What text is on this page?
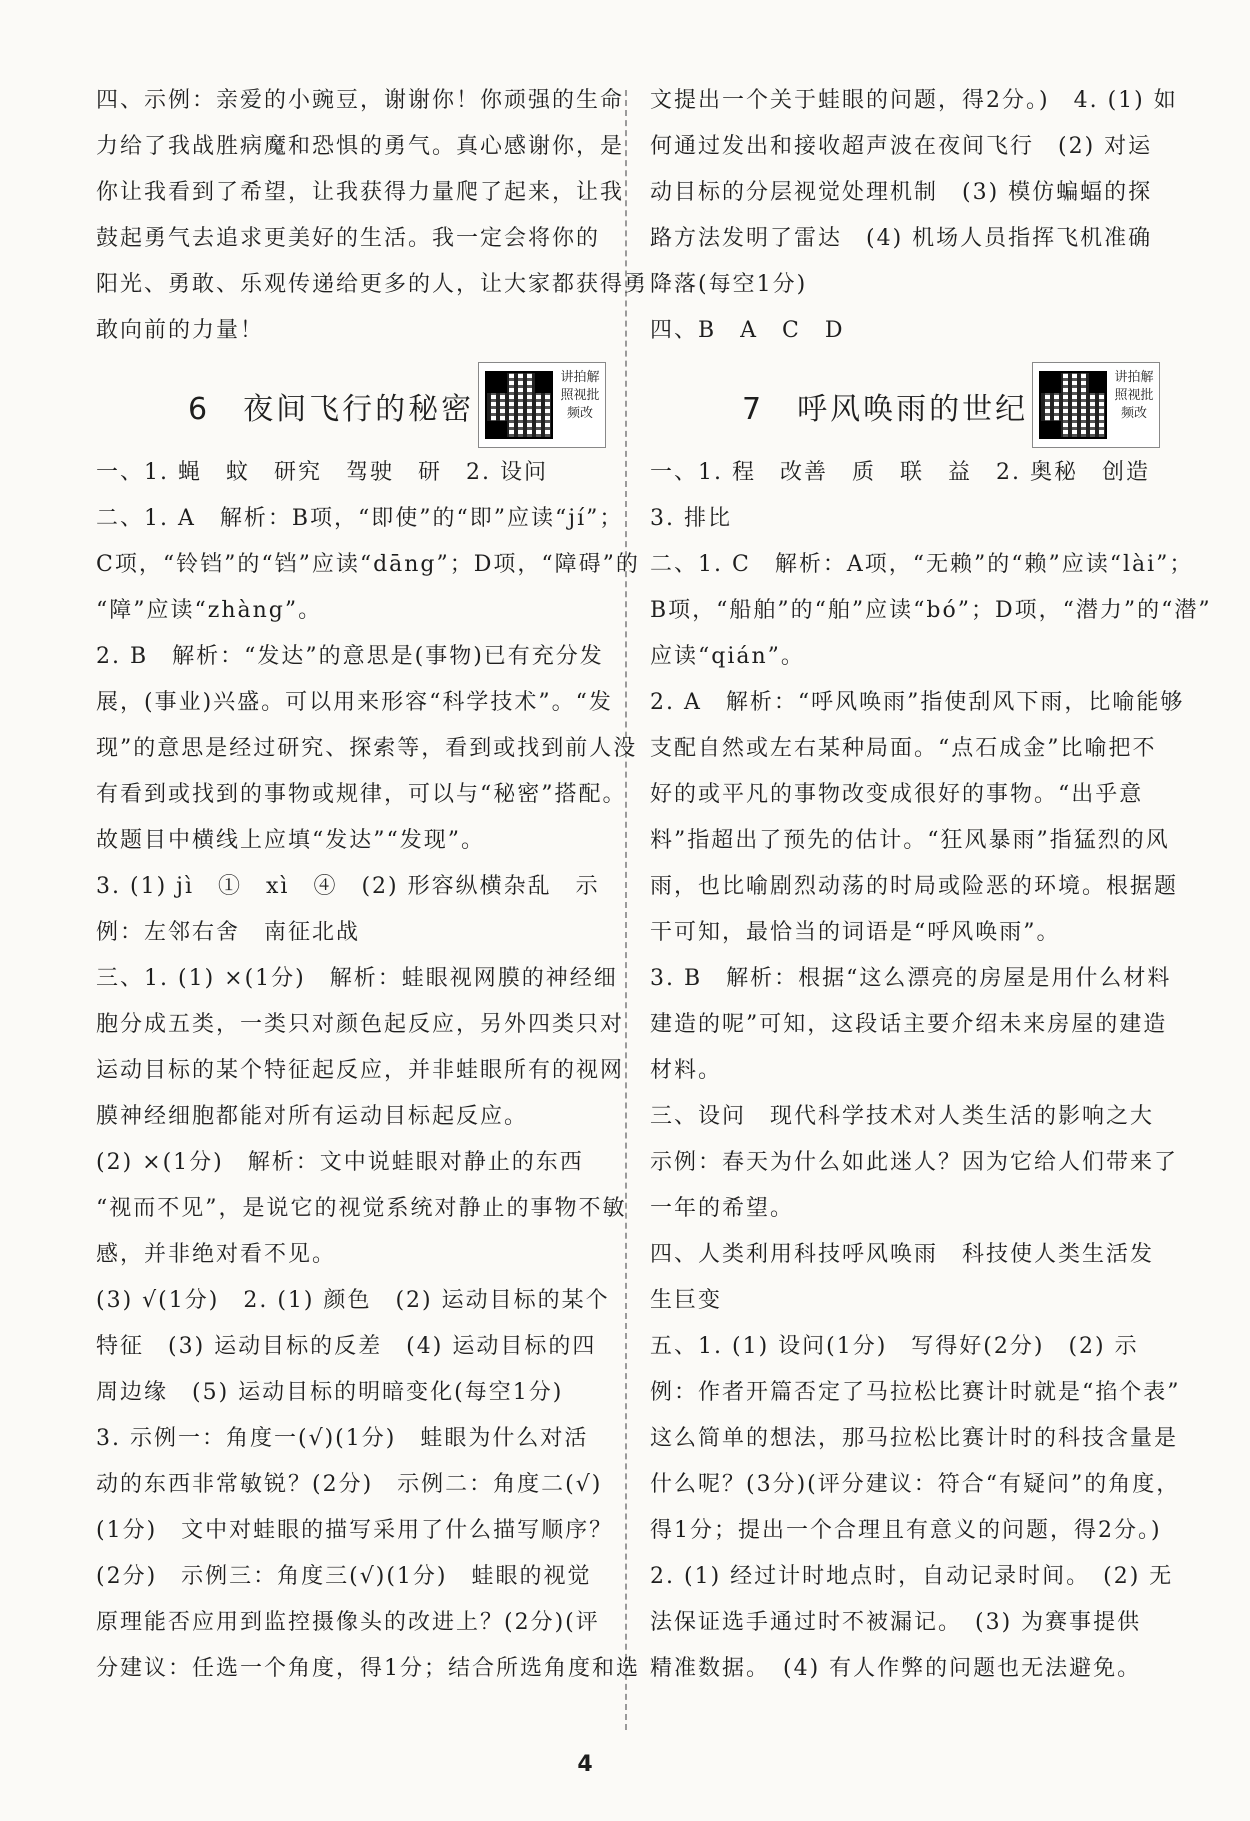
四、示例：亲爱的小豌豆，谢谢你！你顽强的生命

力给了我战胜病魔和恐惧的勇气。真心感谢你，是

你让我看到了希望，让我获得力量爬了起来，让我

鼓起勇气去追求更美好的生活。我一定会将你的

阳光、勇敢、乐观传递给更多的人，让大家都获得勇

敢向前的力量！

6　夜间飞行的秘密
讲拍解照视批频改

一、1. 蝇　蚊　研究　驾驶　研　2. 设问

二、1. A　解析：B项，“即使”的“即”应读“jí”；

C项，“铃铛”的“铛”应读“dāng”；D项，“障碍”的

“障”应读“zhàng”。

2. B　解析：“发达”的意思是(事物)已有充分发

展，(事业)兴盛。可以用来形容“科学技术”。“发

现”的意思是经过研究、探索等，看到或找到前人没

有看到或找到的事物或规律，可以与“秘密”搭配。

故题目中横线上应填“发达”“发现”。

3. (1) jì　①　xì　④　(2) 形容纵横杂乱　示

例：左邻右舍　南征北战

三、1. (1) ×(1分)　解析：蛙眼视网膜的神经细

胞分成五类，一类只对颜色起反应，另外四类只对

运动目标的某个特征起反应，并非蛙眼所有的视网

膜神经细胞都能对所有运动目标起反应。

(2) ×(1分)　解析：文中说蛙眼对静止的东西

“视而不见”，是说它的视觉系统对静止的事物不敏

感，并非绝对看不见。

(3) √(1分)　2. (1) 颜色　(2) 运动目标的某个

特征　(3) 运动目标的反差　(4) 运动目标的四

周边缘　(5) 运动目标的明暗变化(每空1分)

3. 示例一：角度一(√)(1分)　蛙眼为什么对活

动的东西非常敏锐？(2分)　示例二：角度二(√)

(1分)　文中对蛙眼的描写采用了什么描写顺序？

(2分)　示例三：角度三(√)(1分)　蛙眼的视觉

原理能否应用到监控摄像头的改进上？(2分)(评

分建议：任选一个角度，得1分；结合所选角度和选

文提出一个关于蛙眼的问题，得2分。)　4. (1) 如

何通过发出和接收超声波在夜间飞行　(2) 对运

动目标的分层视觉处理机制　(3) 模仿蝙蝠的探

路方法发明了雷达　(4) 机场人员指挥飞机准确

降落(每空1分)

四、B　A　C　D

7　呼风唤雨的世纪
讲拍解照视批频改

一、1. 程　改善　质　联　益　2. 奥秘　创造

3. 排比

二、1. C　解析：A项，“无赖”的“赖”应读“lài”；

B项，“船舶”的“舶”应读“bó”；D项，“潜力”的“潜”

应读“qián”。

2. A　解析：“呼风唤雨”指使刮风下雨，比喻能够

支配自然或左右某种局面。“点石成金”比喻把不

好的或平凡的事物改变成很好的事物。“出乎意

料”指超出了预先的估计。“狂风暴雨”指猛烈的风

雨，也比喻剧烈动荡的时局或险恶的环境。根据题

干可知，最恰当的词语是“呼风唤雨”。

3. B　解析：根据“这么漂亮的房屋是用什么材料

建造的呢”可知，这段话主要介绍未来房屋的建造

材料。

三、设问　现代科学技术对人类生活的影响之大

示例：春天为什么如此迷人？因为它给人们带来了

一年的希望。

四、人类利用科技呼风唤雨　科技使人类生活发

生巨变

五、1. (1) 设问(1分)　写得好(2分)　(2) 示

例：作者开篇否定了马拉松比赛计时就是“掐个表”

这么简单的想法，那马拉松比赛计时的科技含量是

什么呢？(3分)(评分建议：符合“有疑问”的角度，

得1分；提出一个合理且有意义的问题，得2分。)

2. (1) 经过计时地点时，自动记录时间。　(2) 无

法保证选手通过时不被漏记。　(3) 为赛事提供

精准数据。　(4) 有人作弊的问题也无法避免。

4
